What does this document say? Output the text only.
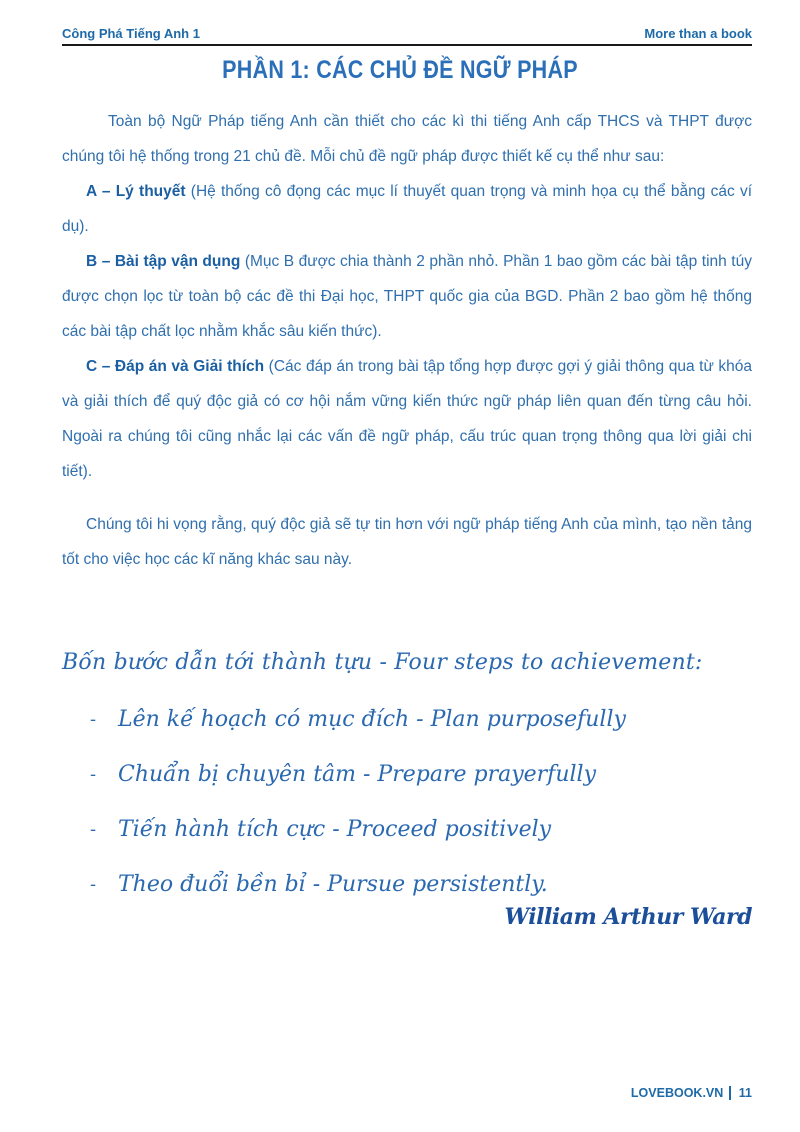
Công Phá Tiếng Anh 1	More than a book
PHẦN 1: CÁC CHỦ ĐỀ NGỮ PHÁP

Toàn bộ Ngữ Pháp tiếng Anh cần thiết cho các kì thi tiếng Anh cấp THCS và THPT được chúng tôi hệ thống trong 21 chủ đề. Mỗi chủ đề ngữ pháp được thiết kế cụ thể như sau:

A – Lý thuyết (Hệ thống cô đọng các mục lí thuyết quan trọng và minh họa cụ thể bằng các ví dụ).

B – Bài tập vận dụng (Mục B được chia thành 2 phần nhỏ. Phần 1 bao gồm các bài tập tinh túy được chọn lọc từ toàn bộ các đề thi Đại học, THPT quốc gia của BGD. Phần 2 bao gồm hệ thống các bài tập chất lọc nhằm khắc sâu kiến thức).

C – Đáp án và Giải thích (Các đáp án trong bài tập tổng hợp được gợi ý giải thông qua từ khóa và giải thích để quý độc giả có cơ hội nắm vững kiến thức ngữ pháp liên quan đến từng câu hỏi. Ngoài ra chúng tôi cũng nhắc lại các vấn đề ngữ pháp, cấu trúc quan trọng thông qua lời giải chi tiết).

Chúng tôi hi vọng rằng, quý độc giả sẽ tự tin hơn với ngữ pháp tiếng Anh của mình, tạo nền tảng tốt cho việc học các kĩ năng khác sau này.

Bốn bước dẫn tới thành tựu - Four steps to achievement:
- Lên kế hoạch có mục đích - Plan purposefully
- Chuẩn bị chuyên tâm - Prepare prayerfully
- Tiến hành tích cực - Proceed positively
- Theo đuổi bền bỉ - Pursue persistently.
William Arthur Ward
LOVEBOOK.VN 11
